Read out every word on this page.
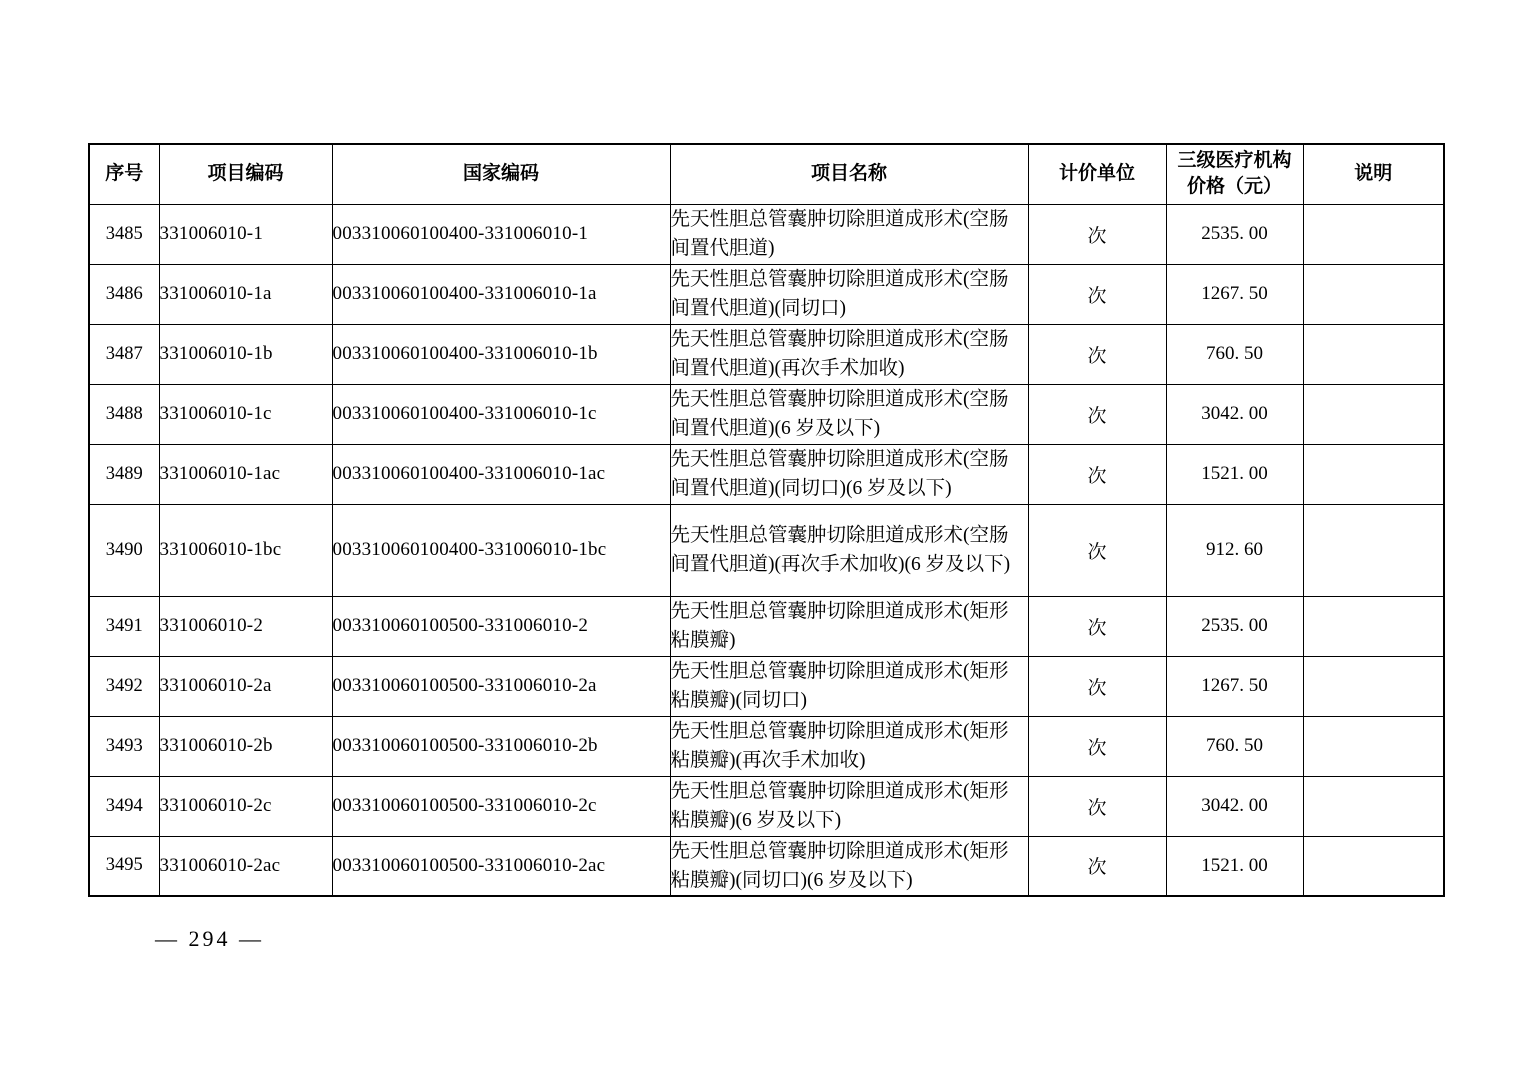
序号	项目编码	国家编码	项目名称	计价单位	三级医疗机构价格（元）	说明
3485	331006010-1	003310060100400-331006010-1	先天性胆总管囊肿切除胆道成形术(空肠间置代胆道)	次	2535. 00	
3486	331006010-1a	003310060100400-331006010-1a	先天性胆总管囊肿切除胆道成形术(空肠间置代胆道)(同切口)	次	1267. 50	
3487	331006010-1b	003310060100400-331006010-1b	先天性胆总管囊肿切除胆道成形术(空肠间置代胆道)(再次手术加收)	次	760. 50	
3488	331006010-1c	003310060100400-331006010-1c	先天性胆总管囊肿切除胆道成形术(空肠间置代胆道)(6 岁及以下)	次	3042. 00	
3489	331006010-1ac	003310060100400-331006010-1ac	先天性胆总管囊肿切除胆道成形术(空肠间置代胆道)(同切口)(6 岁及以下)	次	1521. 00	
3490	331006010-1bc	003310060100400-331006010-1bc	先天性胆总管囊肿切除胆道成形术(空肠间置代胆道)(再次手术加收)(6 岁及以下)	次	912. 60	
3491	331006010-2	003310060100500-331006010-2	先天性胆总管囊肿切除胆道成形术(矩形粘膜瓣)	次	2535. 00	
3492	331006010-2a	003310060100500-331006010-2a	先天性胆总管囊肿切除胆道成形术(矩形粘膜瓣)(同切口)	次	1267. 50	
3493	331006010-2b	003310060100500-331006010-2b	先天性胆总管囊肿切除胆道成形术(矩形粘膜瓣)(再次手术加收)	次	760. 50	
3494	331006010-2c	003310060100500-331006010-2c	先天性胆总管囊肿切除胆道成形术(矩形粘膜瓣)(6 岁及以下)	次	3042. 00	
3495	331006010-2ac	003310060100500-331006010-2ac	先天性胆总管囊肿切除胆道成形术(矩形粘膜瓣)(同切口)(6 岁及以下)	次	1521. 00	
— 294 —
